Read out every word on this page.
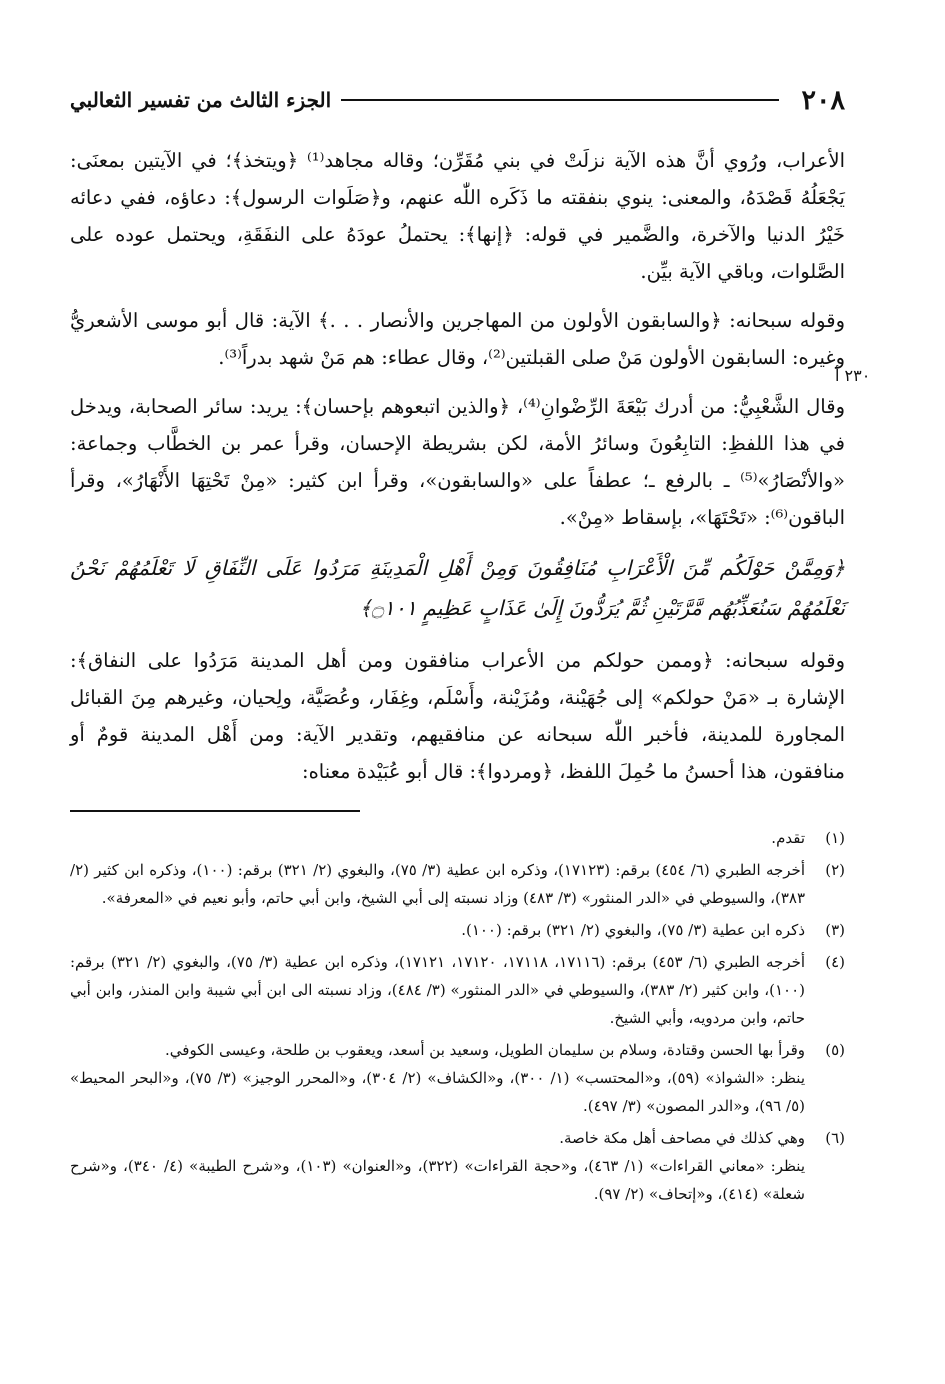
٢٠٨
الجزء الثالث من تفسير الثعالبي

الأعراب، ورُوي أنَّ هذه الآية نزلَتْ في بني مُقَرِّن؛ وقاله مجاهد⁽¹⁾ ﴿ويتخذ﴾؛ في الآيتين بمعنَى: يَجْعَلُهُ قَصْدَهُ، والمعنى: ينوي بنفقته ما ذَكَره اللّٰه عنهم، و﴿صَلَوات الرسول﴾: دعاؤه، ففي دعائه خَيْرُ الدنيا والآخرة، والضَّمير في قوله: ﴿إنها﴾: يحتملُ عودَهُ على النفَقَةِ، ويحتمل عوده على الصَّلوات، وباقي الآية بيِّن.

وقوله سبحانه: ﴿والسابقون الأولون من المهاجرين والأنصار . . .﴾ الآية: قال أبو موسى الأشعريُّ وغيره: السابقون الأولون مَنْ صلى القبلتين⁽²⁾، وقال عطاء: هم مَنْ شهد بدراً⁽³⁾.

وقال الشَّعْبِيُّ: من أدرك بَيْعَةَ الرِّضْوانِ⁽⁴⁾، ﴿والذين اتبعوهم بإحسان﴾: يريد: سائر الصحابة، ويدخل في هذا اللفظِ: التابِعُونَ وسائرُ الأمة، لكن بشريطة الإحسان، وقرأ عمر بن الخطَّاب وجماعة: «والأنْصَارُ»⁽⁵⁾ ـ بالرفع ـ؛ عطفاً على «والسابقون»، وقرأ ابن كثير: «مِنْ تَحْتِهَا الأَنْهَارُ»، وقرأ الباقون⁽⁶⁾: «تَحْتَهَا»، بإسقاط «مِنْ».

﴿وَمِمَّنْ حَوْلَكُم مِّنَ الْأَعْرَابِ مُنَافِقُونَ وَمِنْ أَهْلِ الْمَدِينَةِ مَرَدُوا عَلَى النِّفَاقِ لَا تَعْلَمُهُمْ نَحْنُ نَعْلَمُهُمْ سَنُعَذِّبُهُم مَّرَّتَيْنِ ثُمَّ يُرَدُّونَ إِلَىٰ عَذَابٍ عَظِيمٍ ۝١٠١﴾

وقوله سبحانه: ﴿وممن حولكم من الأعراب منافقون ومن أهل المدينة مَرَدُوا على النفاق﴾: الإشارة بـ «مَنْ حولكم» إلى جُهَيْنة، ومُزَيْنة، وأَسْلَم، وغِفَار، وعُصَيَّة، ولِحيان، وغيرهم مِنَ القبائل المجاورة للمدينة، فأخبر اللّٰه سبحانه عن منافقيهم، وتقدير الآية: ومن أَهْل المدينة قومٌ أو منافقون، هذا أحسنُ ما حُمِلَ اللفظ، ﴿ومردوا﴾: قال أبو عُبَيْدة معناه:

(١)
تقدم.
(٢)
أخرجه الطبري (٦/ ٤٥٤) برقم: (١٧١٢٣)، وذكره ابن عطية (٣/ ٧٥)، والبغوي (٢/ ٣٢١) برقم: (١٠٠)، وذكره ابن كثير (٢/ ٣٨٣)، والسيوطي في «الدر المنثور» (٣/ ٤٨٣) وزاد نسبته إلى أبي الشيخ، وابن أبي حاتم، وأبو نعيم في «المعرفة».
(٣)
ذكره ابن عطية (٣/ ٧٥)، والبغوي (٢/ ٣٢١) برقم: (١٠٠).
(٤)
أخرجه الطبري (٦/ ٤٥٣) برقم: (١٧١١٦، ١٧١١٨، ١٧١٢٠، ١٧١٢١)، وذكره ابن عطية (٣/ ٧٥)، والبغوي (٢/ ٣٢١) برقم: (١٠٠)، وابن كثير (٢/ ٣٨٣)، والسيوطي في «الدر المنثور» (٣/ ٤٨٤)، وزاد نسبته الى ابن أبي شيبة وابن المنذر، وابن أبي حاتم، وابن مردويه، وأبي الشيخ.
(٥)
وقرأ بها الحسن وقتادة، وسلام بن سليمان الطويل، وسعيد بن أسعد، ويعقوب بن طلحة، وعيسى الكوفي.
ينظر: «الشواذ» (٥٩)، و«المحتسب» (١/ ٣٠٠)، و«الكشاف» (٢/ ٣٠٤)، و«المحرر الوجيز» (٣/ ٧٥)، و«البحر المحيط» (٥/ ٩٦)، و«الدر المصون» (٣/ ٤٩٧).
(٦)
وهي كذلك في مصاحف أهل مكة خاصة.
ينظر: «معاني القراءات» (١/ ٤٦٣)، و«حجة القراءات» (٣٢٢)، و«العنوان» (١٠٣)، و«شرح الطيبة» (٤/ ٣٤٠)، و«شرح شعلة» (٤١٤)، و«إتحاف» (٢/ ٩٧).
٢٣٠ أ
